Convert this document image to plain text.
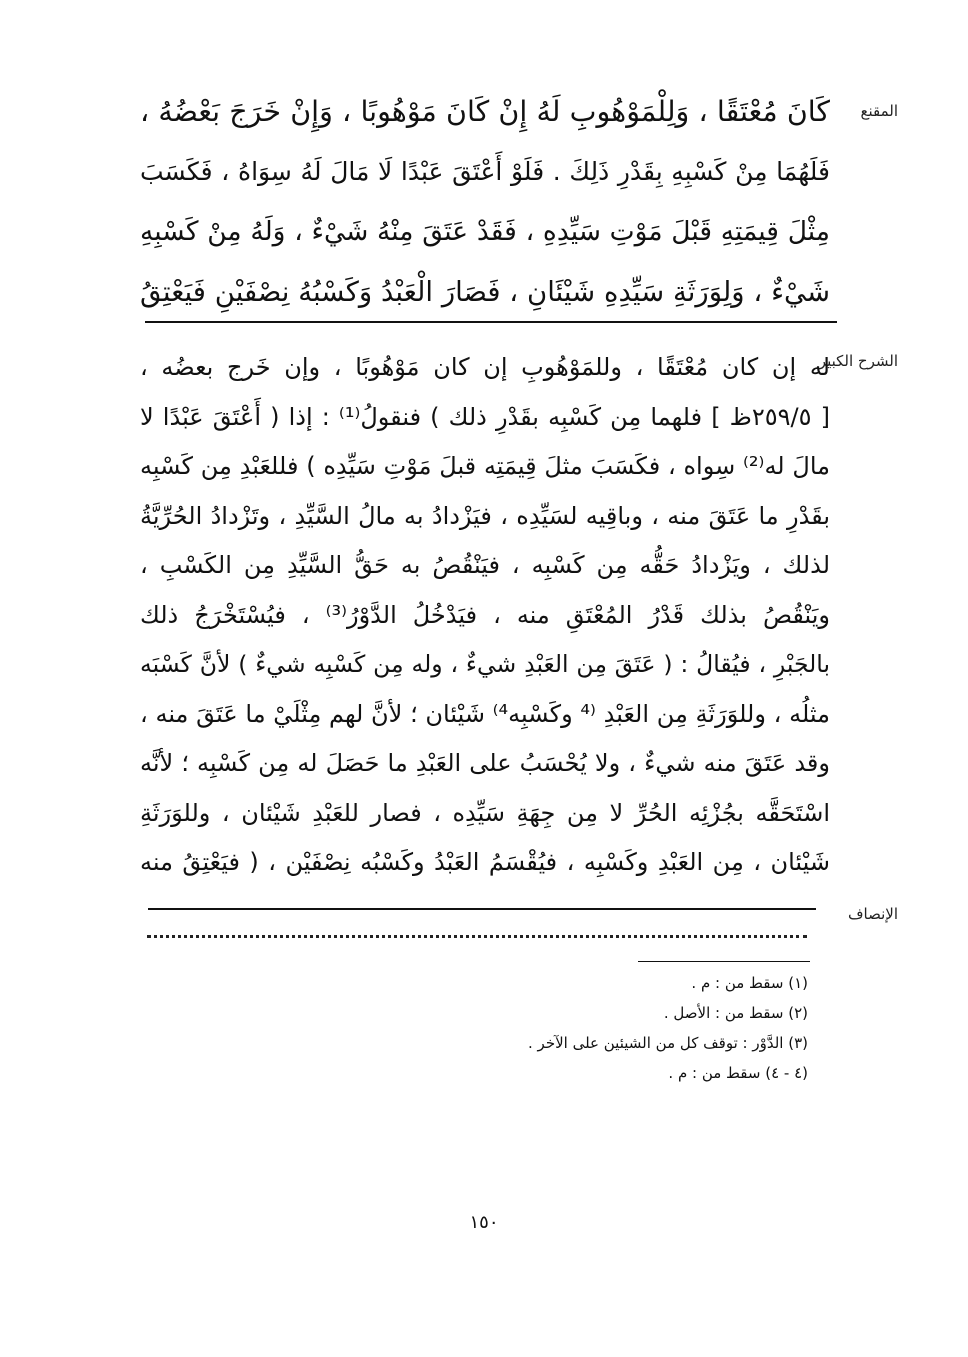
المقنع
كَانَ مُعْتَقًا ، وَلِلْمَوْهُوبِ لَهُ إِنْ كَانَ مَوْهُوبًا ، وَإِنْ خَرَجَ بَعْضُهُ ،
فَلَهُمَا مِنْ كَسْبِهِ بِقَدْرِ ذَلِكَ . فَلَوْ أَعْتَقَ عَبْدًا لَا مَالَ لَهُ سِوَاهُ ، فَكَسَبَ
مِثْلَ قِيمَتِهِ قَبْلَ مَوْتِ سَيِّدِهِ ، فَقَدْ عَتَقَ مِنْهُ شَيْءٌ ، وَلَهُ مِنْ كَسْبِهِ
شَيْءٌ ، وَلِوَرَثَةِ سَيِّدِهِ شَيْئَانِ ، فَصَارَ الْعَبْدُ وَكَسْبُهُ نِصْفَيْنِ فَيَعْتِقُ
الشرح الكبير
له إن كان مُعْتَقًا ، وللمَوْهُوبِ إن كان مَوْهُوبًا ، وإن خَرج بعضُه ،
[ ٢٥٩/٥ظ ] فلهما مِن كَسْبِه بقَدْرِ ذلك ) فنقولُ⁽¹⁾ : إذا ( أَعْتَقَ عَبْدًا لا
مالَ له⁽²⁾ سِواه ، فكَسَبَ مثلَ قِيمَتِه قبلَ مَوْتِ سَيِّدِه ) فللعَبْدِ مِن كَسْبِه
بقَدْرِ ما عَتَقَ منه ، وباقِيه لسَيِّدِه ، فيَزْدادُ به مالُ السَّيِّدِ ، وتَزْدادُ الحُرِّيَّةُ
لذلك ، ويَزْدادُ حَقُّه مِن كَسْبِه ، فيَنْقُصُ به حَقُّ السَّيِّدِ مِن الكَسْبِ ،
ويَنْقُصُ بذلك قَدْرُ المُعْتَقِ منه ، فيَدْخُلُ الدَّوْرُ⁽³⁾ ، فيُسْتَخْرَجُ ذلك
بالجَبْرِ ، فيُقالُ : ( عَتَقَ مِن العَبْدِ شيءٌ ، وله مِن كَسْبِه شيءٌ ) لأنَّ كَسْبَه
مثلُه ، وللوَرَثَةِ مِن العَبْدِ ⁽⁴ وكَسْبِه⁴⁾ شَيْئان ؛ لأنَّ لهم مِثْلَيْ ما عَتَقَ منه ،
وقد عَتَقَ منه شيءٌ ، ولا يُحْسَبُ على العَبْدِ ما حَصَلَ له مِن كَسْبِه ؛ لأنَّه
اسْتَحَقَّه بجُزْئِه الحُرِّ لا مِن جِهَةِ سَيِّدِه ، فصار للعَبْدِ شَيْئان ، وللوَرَثَةِ
شَيْئان ، مِن العَبْدِ وكَسْبِه ، فيُقْسَمُ العَبْدُ وكَسْبُه نِصْفَيْن ، ( فيَعْتِقُ منه
الإنصاف
(١) سقط من : م .
(٢) سقط من : الأصل .
(٣) الدَّوْر : توقف كل من الشيئين على الآخر .
(٤ - ٤) سقط من : م .
١٥٠
